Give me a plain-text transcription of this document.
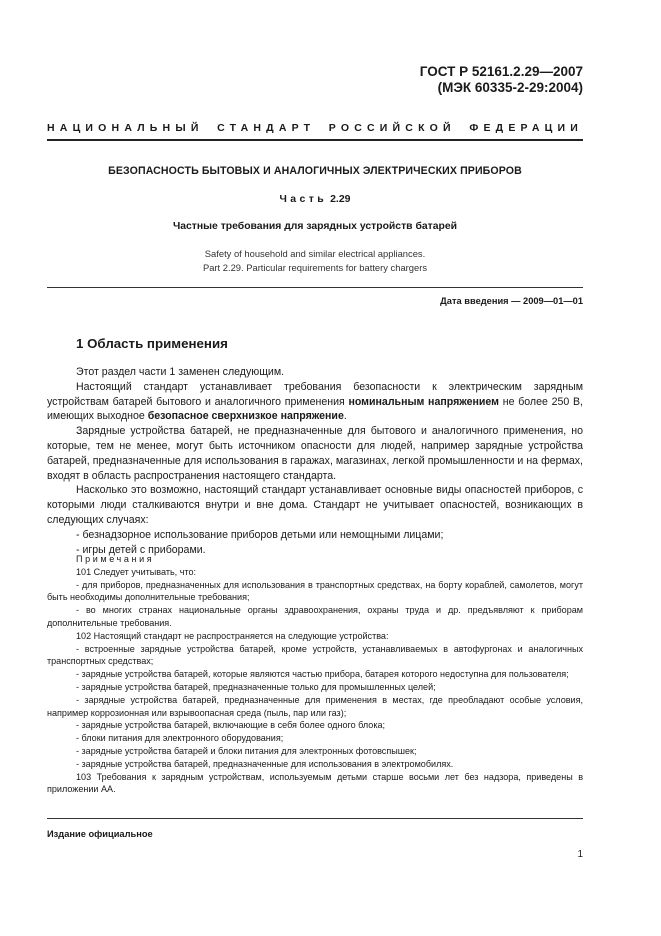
ГОСТ Р 52161.2.29—2007
(МЭК 60335-2-29:2004)
НАЦИОНАЛЬНЫЙ СТАНДАРТ РОССИЙСКОЙ ФЕДЕРАЦИИ
БЕЗОПАСНОСТЬ БЫТОВЫХ И АНАЛОГИЧНЫХ ЭЛЕКТРИЧЕСКИХ ПРИБОРОВ
Часть 2.29
Частные требования для зарядных устройств батарей
Safety of household and similar electrical appliances.
Part 2.29. Particular requirements for battery chargers
Дата введения — 2009—01—01
1 Область применения

Этот раздел части 1 заменен следующим.

Настоящий стандарт устанавливает требования безопасности к электрическим зарядным устройствам батарей бытового и аналогичного применения номинальным напряжением не более 250 В, имеющих выходное безопасное сверхнизкое напряжение.

Зарядные устройства батарей, не предназначенные для бытового и аналогичного применения, но которые, тем не менее, могут быть источником опасности для людей, например зарядные устройства батарей, предназначенные для использования в гаражах, магазинах, легкой промышленности и на фермах, входят в область распространения настоящего стандарта.

Насколько это возможно, настоящий стандарт устанавливает основные виды опасностей приборов, с которыми люди сталкиваются внутри и вне дома. Стандарт не учитывает опасностей, возникающих в следующих случаях:

- безнадзорное использование приборов детьми или немощными лицами;
- игры детей с приборами.

Примечания

101 Следует учитывать, что:

- для приборов, предназначенных для использования в транспортных средствах, на борту кораблей, самолетов, могут быть необходимы дополнительные требования;

- во многих странах национальные органы здравоохранения, охраны труда и др. предъявляют к приборам дополнительные требования.

102 Настоящий стандарт не распространяется на следующие устройства:

- встроенные зарядные устройства батарей, кроме устройств, устанавливаемых в автофургонах и аналогичных транспортных средствах;

- зарядные устройства батарей, которые являются частью прибора, батарея которого недоступна для пользователя;

- зарядные устройства батарей, предназначенные только для промышленных целей;

- зарядные устройства батарей, предназначенные для применения в местах, где преобладают особые условия, например коррозионная или взрывоопасная среда (пыль, пар или газ);

- зарядные устройства батарей, включающие в себя более одного блока;

- блоки питания для электронного оборудования;

- зарядные устройства батарей и блоки питания для электронных фотовспышек;

- зарядные устройства батарей, предназначенные для использования в электромобилях.

103 Требования к зарядным устройствам, используемым детьми старше восьми лет без надзора, приведены в приложении АА.

Издание официальное
1
